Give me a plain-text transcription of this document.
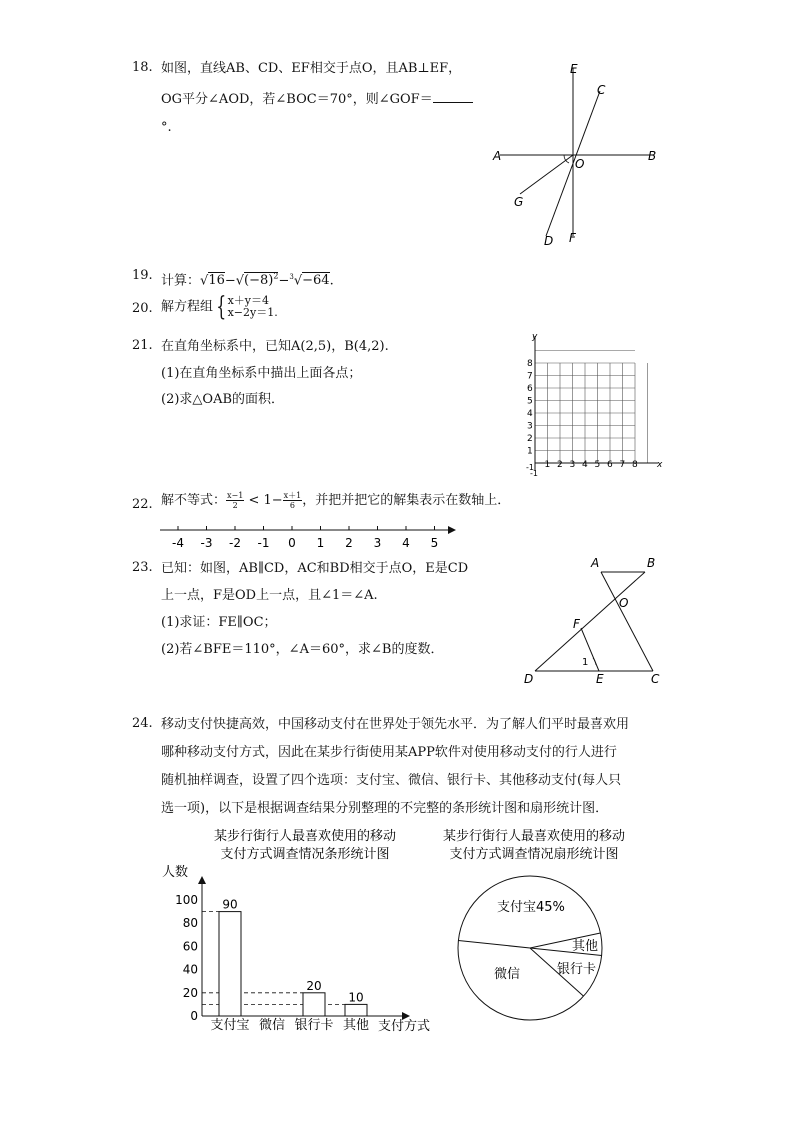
18. 如图，直线AB、CD、EF相交于点O，且AB⊥EF，
OG平分∠AOD，若∠BOC＝70°，则∠GOF＝
°.
E
C
A
O
B
G
D F
19. 计算：$√16-√(-8)^2-^3√-64$.
20. 解方程组 { x＋y＝4
x−2y＝1.
21. 在直角坐标系中，已知A(2,5)，B(4,2).
(1)在直角坐标系中描出上面各点；
(2)求△OAB的面积．
x
y
-1
-1
8
7
6
5
4
3
2
1
1 2 3 4 5 6 7 8
22. 解不等式： $\frac{x-1}{2} < 1- \frac{x+1}{6}$ ，并把并把它的解集表示在数轴上．
-4 -3 -2 -1 0 1 2 3 4 5
23. 已知：如图，AB∥CD，AC和BD相交于点O，E是CD
上一点，F是OD上一点，且∠1＝∠A.
(1)求证：FE∥OC；
(2)若∠BFE＝110°，∠A＝60°，求∠B的度数．
A	B
O
F
1
D	E	C
24. 移动支付快捷高效，中国移动支付在世界处于领先水平．为了解人们平时最喜欢用
哪种移动支付方式，因此在某步行街使用某APP软件对使用移动支付的行人进行
随机抽样调查，设置了四个选项：支付宝、微信、银行卡、其他移动支付(每人只
选一项)，以下是根据调查结果分别整理的不完整的条形统计图和扇形统计图．
某步行街行人最喜欢使用的移动
支付方式调查情况条形统计图
人数
支付方式
0
20
40
60
80
100 90
20
10
支付宝 微信 银行卡 其他
某步行街行人最喜欢使用的移动
支付方式调查情况扇形统计图
支付宝45%
其他
银行卡
微信
